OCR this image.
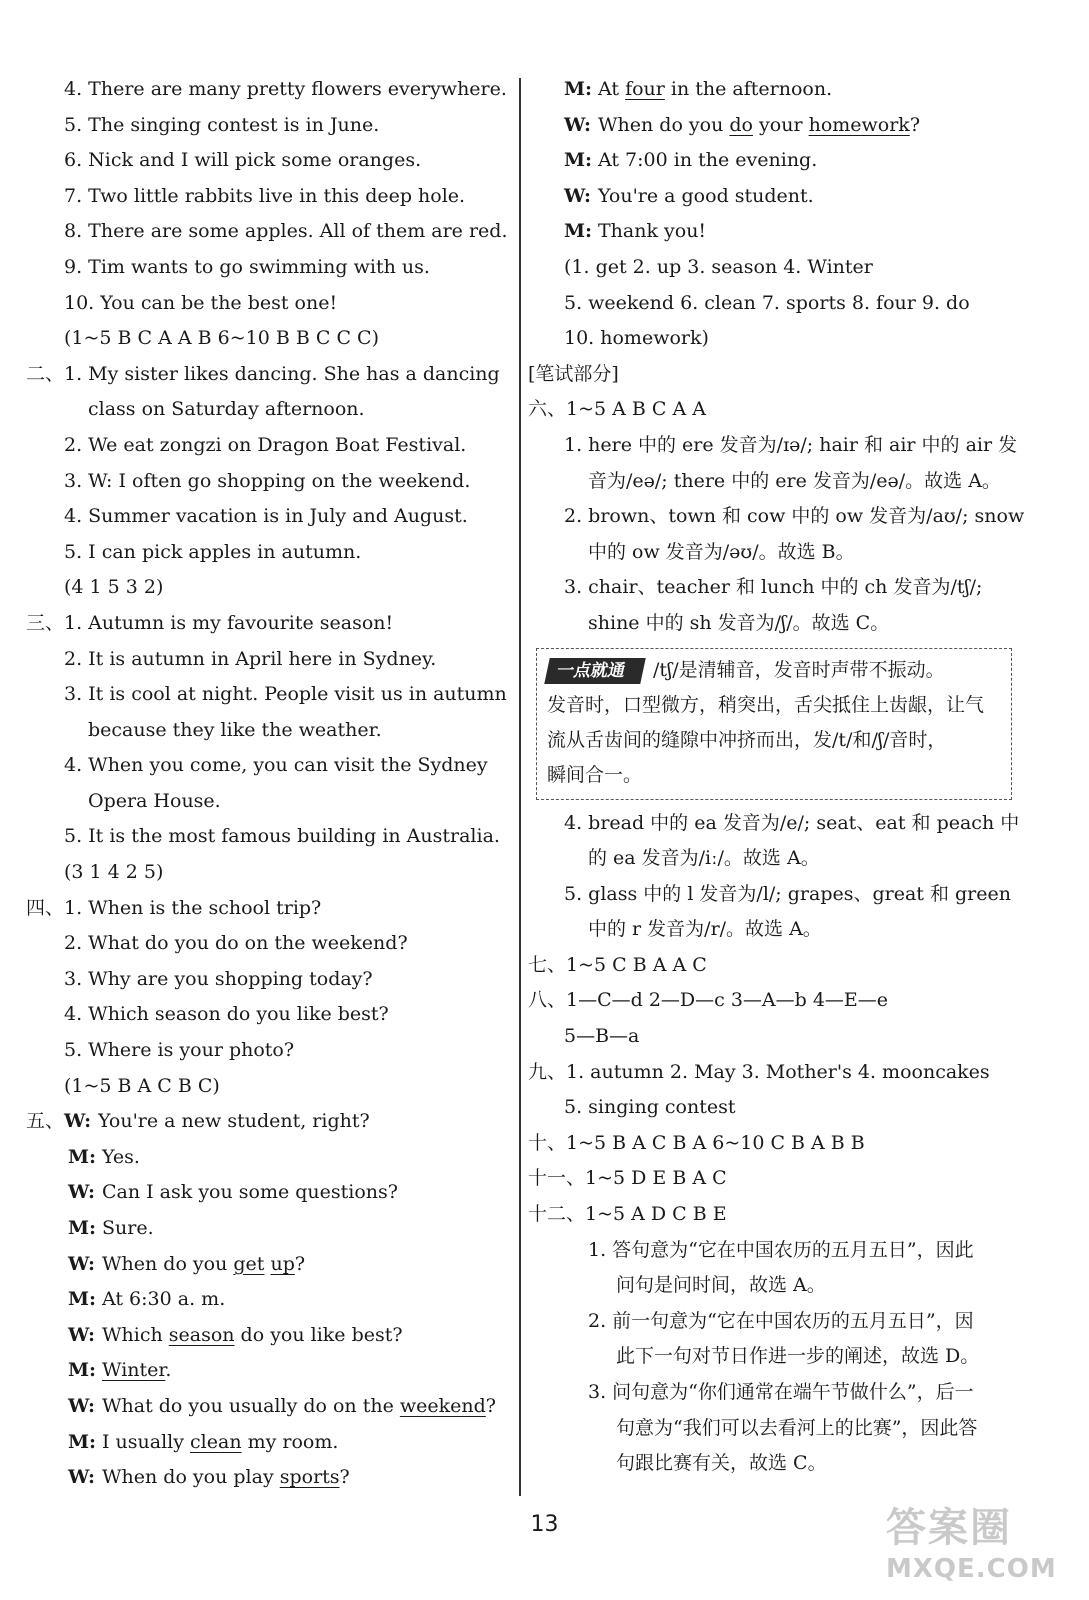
4. There are many pretty flowers everywhere.
5. The singing contest is in June.
6. Nick and I will pick some oranges.
7. Two little rabbits live in this deep hole.
8. There are some apples. All of them are red.
9. Tim wants to go swimming with us.
10. You can be the best one!
(1~5 B C A A B 6~10 B B C C C)
二、1. My sister likes dancing. She has a dancing
class on Saturday afternoon.
2. We eat zongzi on Dragon Boat Festival.
3. W: I often go shopping on the weekend.
4. Summer vacation is in July and August.
5. I can pick apples in autumn.
(4 1 5 3 2)
三、1. Autumn is my favourite season!
2. It is autumn in April here in Sydney.
3. It is cool at night. People visit us in autumn
because they like the weather.
4. When you come, you can visit the Sydney
Opera House.
5. It is the most famous building in Australia.
(3 1 4 2 5)
四、1. When is the school trip?
2. What do you do on the weekend?
3. Why are you shopping today?
4. Which season do you like best?
5. Where is your photo?
(1~5 B A C B C)
五、W: You're a new student, right?
M: Yes.
W: Can I ask you some questions?
M: Sure.
W: When do you get up?
M: At 6:30 a. m.
W: Which season do you like best?
M: Winter.
W: What do you usually do on the weekend?
M: I usually clean my room.
W: When do you play sports?
M: At four in the afternoon.
W: When do you do your homework?
M: At 7:00 in the evening.
W: You're a good student.
M: Thank you!
(1. get 2. up 3. season 4. Winter
5. weekend 6. clean 7. sports 8. four 9. do
10. homework)
[笔试部分]
六、1~5 A B C A A
1. here 中的 ere 发音为/ɪə/; hair 和 air 中的 air 发
音为/eə/; there 中的 ere 发音为/eə/。故选 A。
2. brown、town 和 cow 中的 ow 发音为/aʊ/; snow
中的 ow 发音为/əʊ/。故选 B。
3. chair、teacher 和 lunch 中的 ch 发音为/tʃ/;
shine 中的 sh 发音为/ʃ/。故选 C。
一点就通 /tʃ/是清辅音，发音时声带不振动。
发音时，口型微方，稍突出，舌尖抵住上齿龈，让气
流从舌齿间的缝隙中冲挤而出，发/t/和/ʃ/音时，
瞬间合一。
4. bread 中的 ea 发音为/e/; seat、eat 和 peach 中
的 ea 发音为/iː/。故选 A。
5. glass 中的 l 发音为/l/; grapes、great 和 green
中的 r 发音为/r/。故选 A。
七、1~5 C B A A C
八、1—C—d 2—D—c 3—A—b 4—E—e
5—B—a
九、1. autumn 2. May 3. Mother's 4. mooncakes
5. singing contest
十、1~5 B A C B A 6~10 C B A B B
十一、1~5 D E B A C
十二、1~5 A D C B E
1. 答句意为“它在中国农历的五月五日”，因此
问句是问时间，故选 A。
2. 前一句意为“它在中国农历的五月五日”，因
此下一句对节日作进一步的阐述，故选 D。
3. 问句意为“你们通常在端午节做什么”，后一
句意为“我们可以去看河上的比赛”，因此答
句跟比赛有关，故选 C。
13	答案圈
MXQE.COM
